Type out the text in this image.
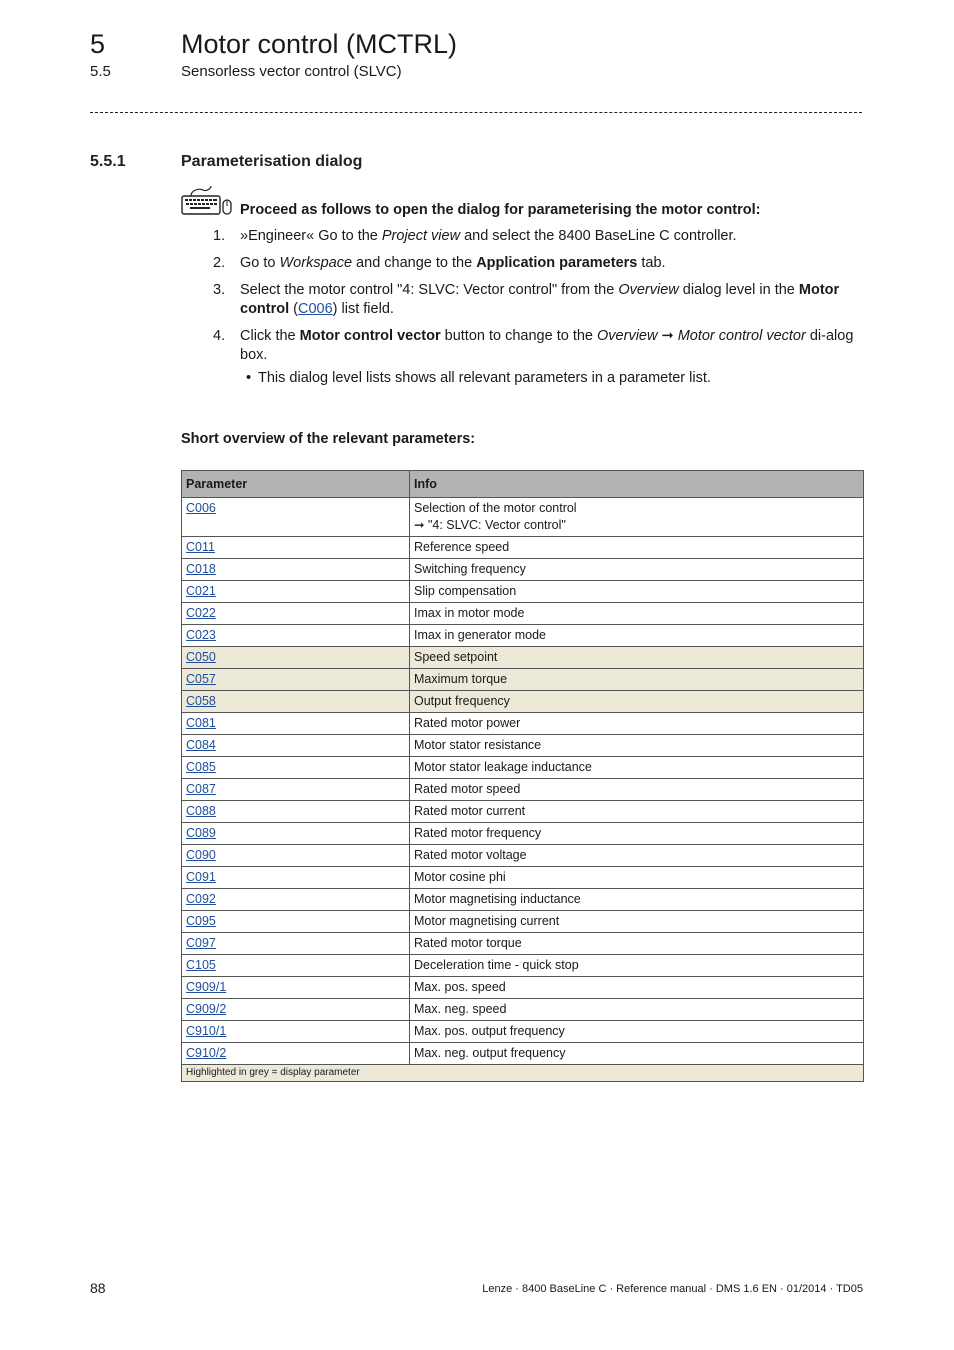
5	Motor control (MCTRL)
5.5	Sensorless vector control (SLVC)
5.5.1	Parameterisation dialog
Proceed as follows to open the dialog for parameterising the motor control:
1.	»Engineer« Go to the Project view and select the 8400 BaseLine C controller.
2.	Go to Workspace and change to the Application parameters tab.
3.	Select the motor control "4: SLVC: Vector control" from the Overview dialog level in the Motor control (C006) list field.
4.	Click the Motor control vector button to change to the Overview ➞ Motor control vector di-alog box.
• This dialog level lists shows all relevant parameters in a parameter list.
Short overview of the relevant parameters:
Parameter	Info
C006	Selection of the motor control
➞ "4: SLVC: Vector control"

C011	Reference speed

C018	Switching frequency

C021	Slip compensation

C022	Imax in motor mode

C023	Imax in generator mode

C050	Speed setpoint

C057	Maximum torque

C058	Output frequency

C081	Rated motor power

C084	Motor stator resistance

C085	Motor stator leakage inductance

C087	Rated motor speed

C088	Rated motor current

C089	Rated motor frequency

C090	Rated motor voltage

C091	Motor cosine phi

C092	Motor magnetising inductance

C095	Motor magnetising current

C097	Rated motor torque

C105	Deceleration time - quick stop

C909/1	Max. pos. speed

C909/2	Max. neg. speed

C910/1	Max. pos. output frequency

C910/2	Max. neg. output frequency

Highlighted in grey = display parameter	
88	Lenze · 8400 BaseLine C · Reference manual · DMS 1.6 EN · 01/2014 · TD05
